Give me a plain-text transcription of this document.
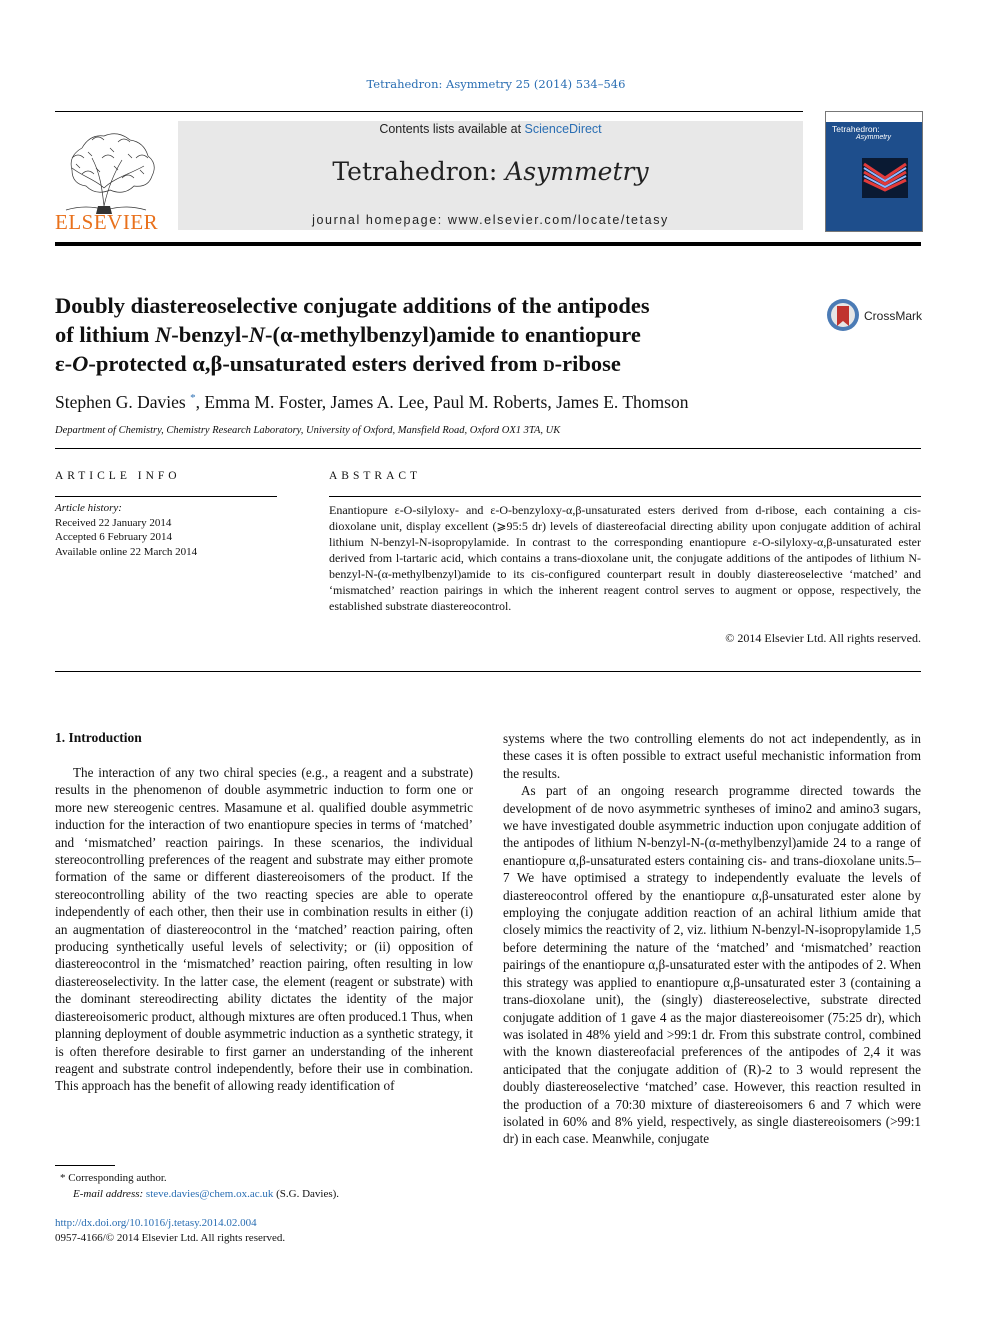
Tetrahedron: Asymmetry 25 (2014) 534–546
ELSEVIER
Contents lists available at ScienceDirect
Tetrahedron: Asymmetry
journal homepage: www.elsevier.com/locate/tetasy
Tetrahedron:
Asymmetry
Doubly diastereoselective conjugate additions of the antipodes
of lithium N-benzyl-N-(α-methylbenzyl)amide to enantiopure
ε-O-protected α,β-unsaturated esters derived from d-ribose
CrossMark
Stephen G. Davies *, Emma M. Foster, James A. Lee, Paul M. Roberts, James E. Thomson
Department of Chemistry, Chemistry Research Laboratory, University of Oxford, Mansfield Road, Oxford OX1 3TA, UK
ARTICLE INFO
Article history:
Received 22 January 2014
Accepted 6 February 2014
Available online 22 March 2014
ABSTRACT
Enantiopure ε-O-silyloxy- and ε-O-benzyloxy-α,β-unsaturated esters derived from d-ribose, each containing a cis-dioxolane unit, display excellent (⩾95:5 dr) levels of diastereofacial directing ability upon conjugate addition of achiral lithium N-benzyl-N-isopropylamide. In contrast to the corresponding enantiopure ε-O-silyloxy-α,β-unsaturated ester derived from l-tartaric acid, which contains a trans-dioxolane unit, the conjugate additions of the antipodes of lithium N-benzyl-N-(α-methylbenzyl)amide to its cis-configured counterpart result in doubly diastereoselective ‘matched’ and ‘mismatched’ reaction pairings in which the inherent reagent control serves to augment or oppose, respectively, the established substrate diastereocontrol.
© 2014 Elsevier Ltd. All rights reserved.
1. Introduction

The interaction of any two chiral species (e.g., a reagent and a substrate) results in the phenomenon of double asymmetric induction to form one or more new stereogenic centres. Masamune et al. qualified double asymmetric induction for the interaction of two enantiopure species in terms of ‘matched’ and ‘mismatched’ reaction pairings. In these scenarios, the individual stereocontrolling preferences of the reagent and substrate may either promote formation of the same or different diastereoisomers of the product. If the stereocontrolling ability of the two reacting species are able to operate independently of each other, then their use in combination results in either (i) an augmentation of diastereocontrol in the ‘matched’ reaction pairing, often producing synthetically useful levels of selectivity; or (ii) opposition of diastereocontrol in the ‘mismatched’ reaction pairing, often resulting in low diastereoselectivity. In the latter case, the element (reagent or substrate) with the dominant stereodirecting ability dictates the identity of the major diastereoisomeric product, although mixtures are often produced.1 Thus, when planning deployment of double asymmetric induction as a synthetic strategy, it is often therefore desirable to first garner an understanding of the inherent reagent and substrate control independently, before their use in combination. This approach has the benefit of allowing ready identification of

systems where the two controlling elements do not act independently, as in these cases it is often possible to extract useful mechanistic information from the results.

As part of an ongoing research programme directed towards the development of de novo asymmetric syntheses of imino2 and amino3 sugars, we have investigated double asymmetric induction upon conjugate addition of the antipodes of lithium N-benzyl-N-(α-methylbenzyl)amide 24 to a range of enantiopure α,β-unsaturated esters containing cis- and trans-dioxolane units.5–7 We have optimised a strategy to independently evaluate the levels of diastereocontrol offered by the enantiopure α,β-unsaturated ester alone by employing the conjugate addition reaction of an achiral lithium amide that closely mimics the reactivity of 2, viz. lithium N-benzyl-N-isopropylamide 1,5 before determining the nature of the ‘matched’ and ‘mismatched’ reaction pairings of the enantiopure α,β-unsaturated ester with the antipodes of 2. When this strategy was applied to enantiopure α,β-unsaturated ester 3 (containing a trans-dioxolane unit), the (singly) diastereoselective, substrate directed conjugate addition of 1 gave 4 as the major diastereoisomer (75:25 dr), which was isolated in 48% yield and >99:1 dr. From this substrate control, combined with the known diastereofacial preferences of the antipodes of 2,4 it was anticipated that the conjugate addition of (R)-2 to 3 would represent the doubly diastereoselective ‘matched’ case. However, this reaction resulted in the production of a 70:30 mixture of diastereoisomers 6 and 7 which were isolated in 60% and 8% yield, respectively, as single diastereoisomers (>99:1 dr) in each case. Meanwhile, conjugate

* Corresponding author.
E-mail address: steve.davies@chem.ox.ac.uk (S.G. Davies).
http://dx.doi.org/10.1016/j.tetasy.2014.02.004
0957-4166/© 2014 Elsevier Ltd. All rights reserved.
